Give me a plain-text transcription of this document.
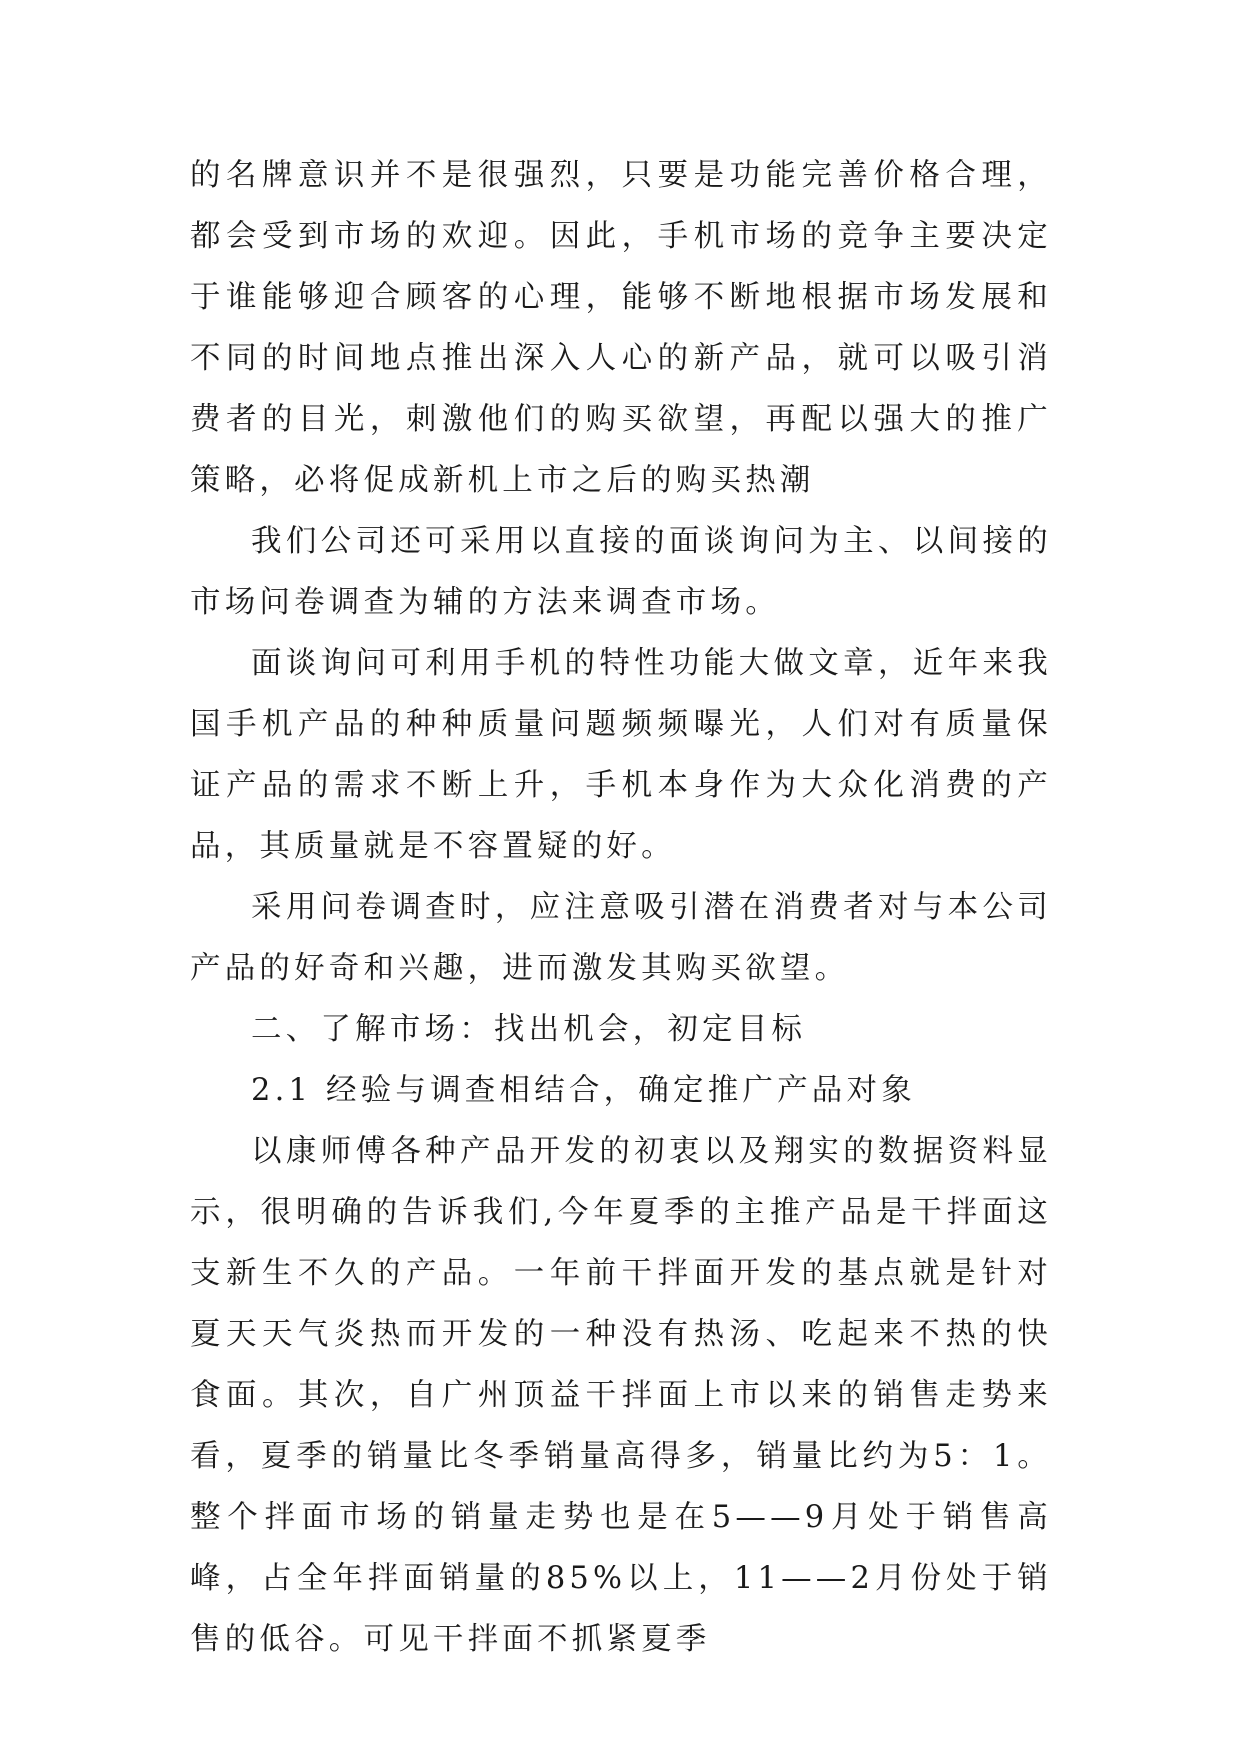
的名牌意识并不是很强烈，只要是功能完善价格合理，都会受到市场的欢迎。因此，手机市场的竞争主要决定于谁能够迎合顾客的心理，能够不断地根据市场发展和不同的时间地点推出深入人心的新产品，就可以吸引消费者的目光，刺激他们的购买欲望，再配以强大的推广策略，必将促成新机上市之后的购买热潮

我们公司还可采用以直接的面谈询问为主、以间接的市场问卷调查为辅的方法来调查市场。

面谈询问可利用手机的特性功能大做文章，近年来我国手机产品的种种质量问题频频曝光，人们对有质量保证产品的需求不断上升，手机本身作为大众化消费的产品，其质量就是不容置疑的好。

采用问卷调查时，应注意吸引潜在消费者对与本公司产品的好奇和兴趣，进而激发其购买欲望。

二、了解市场：找出机会，初定目标

2.1 经验与调查相结合，确定推广产品对象

以康师傅各种产品开发的初衷以及翔实的数据资料显示，很明确的告诉我们,今年夏季的主推产品是干拌面这支新生不久的产品。一年前干拌面开发的基点就是针对夏天天气炎热而开发的一种没有热汤、吃起来不热的快食面。其次，自广州顶益干拌面上市以来的销售走势来看，夏季的销量比冬季销量高得多，销量比约为5：1。整个拌面市场的销量走势也是在5——9月处于销售高峰，占全年拌面销量的85%以上，11——2月份处于销售的低谷。可见干拌面不抓紧夏季
